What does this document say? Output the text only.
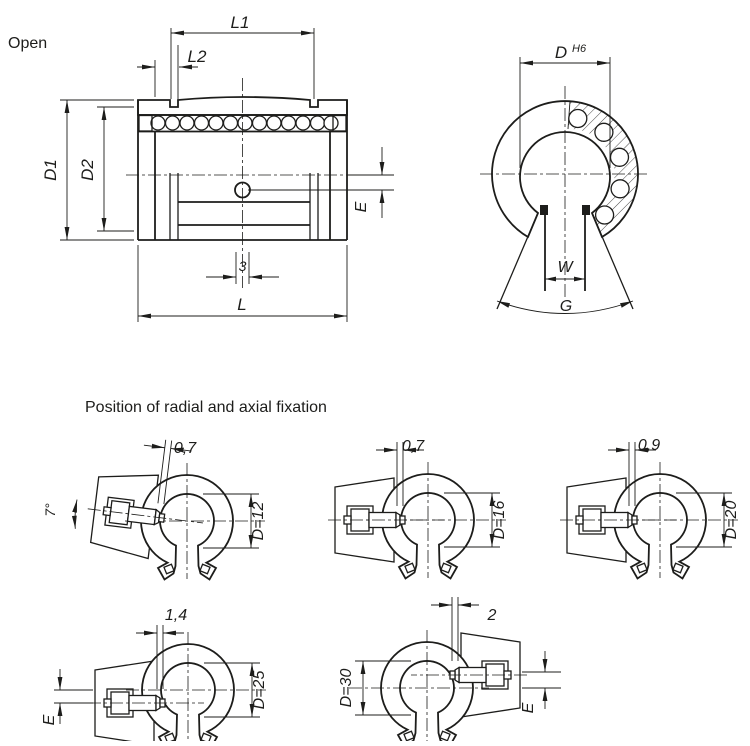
Open
Position of radial and axial fixation
L1
L2
D1 D2
E
3
L
D H6
W
G
7°	D=12
0,7
D=16
0,7
D=20
0,9
D=25
E
1,4
D=30
E
2
